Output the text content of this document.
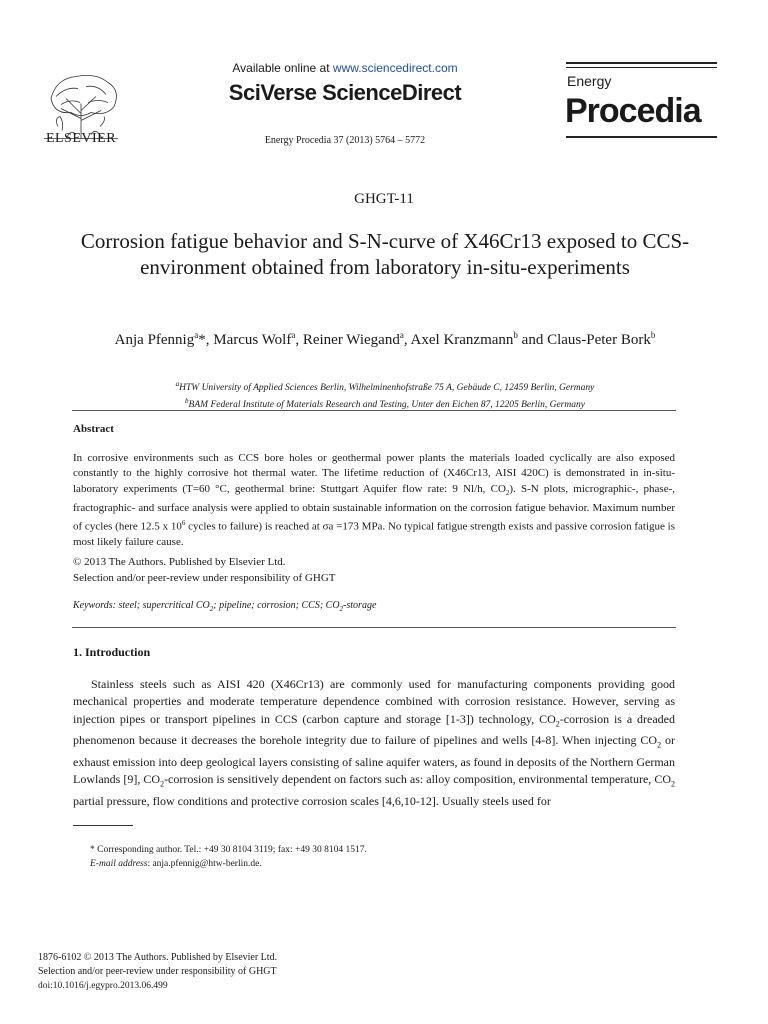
ELSEVIER
Available online at www.sciencedirect.com
SciVerse ScienceDirect
Energy Procedia 37 (2013) 5764 – 5772
Energy
Procedia
GHGT-11
Corrosion fatigue behavior and S-N-curve of X46Cr13 exposed to CCS-environment obtained from laboratory in-situ-experiments
Anja Pfennig$^a$*, Marcus Wolf$^a$, Reiner Wiegand$^a$, Axel Kranzmann$^b$ and Claus-Peter Bork$^b$
$^a$HTW University of Applied Sciences Berlin, Wilhelminenhofstraße 75 A, Gebäude C, 12459 Berlin, Germany
$^b$BAM Federal Institute of Materials Research and Testing, Unter den Eichen 87, 12205 Berlin, Germany
Abstract
In corrosive environments such as CCS bore holes or geothermal power plants the materials loaded cyclically are also exposed constantly to the highly corrosive hot thermal water. The lifetime reduction of (X46Cr13, AISI 420C) is demonstrated in in-situ-laboratory experiments (T=60 °C, geothermal brine: Stuttgart Aquifer flow rate: 9 Nl/h, $CO_2$). S-N plots, micrographic-, phase-, fractographic- and surface analysis were applied to obtain sustainable information on the corrosion fatigue behavior. Maximum number of cycles (here 12.5 x $10^6$ cycles to failure) is reached at σa =173 MPa. No typical fatigue strength exists and passive corrosion fatigue is most likely failure cause.
© 2013 The Authors. Published by Elsevier Ltd.
Selection and/or peer-review under responsibility of GHGT
Keywords: steel; supercritical $CO_2$; pipeline; corrosion; CCS; $CO_2$-storage
1. Introduction
Stainless steels such as AISI 420 (X46Cr13) are commonly used for manufacturing components providing good mechanical properties and moderate temperature dependence combined with corrosion resistance. However, serving as injection pipes or transport pipelines in CCS (carbon capture and storage [1-3]) technology, $CO_2$-corrosion is a dreaded phenomenon because it decreases the borehole integrity due to failure of pipelines and wells [4-8]. When injecting $CO_2$ or exhaust emission into deep geological layers consisting of saline aquifer waters, as found in deposits of the Northern German Lowlands [9], $CO_2$-corrosion is sensitively dependent on factors such as: alloy composition, environmental temperature, $CO_2$ partial pressure, flow conditions and protective corrosion scales [4,6,10-12]. Usually steels used for
* Corresponding author. Tel.: +49 30 8104 3119; fax: +49 30 8104 1517.
E-mail address: anja.pfennig@htw-berlin.de.
1876-6102 © 2013 The Authors. Published by Elsevier Ltd.
Selection and/or peer-review under responsibility of GHGT
doi:10.1016/j.egypro.2013.06.499
